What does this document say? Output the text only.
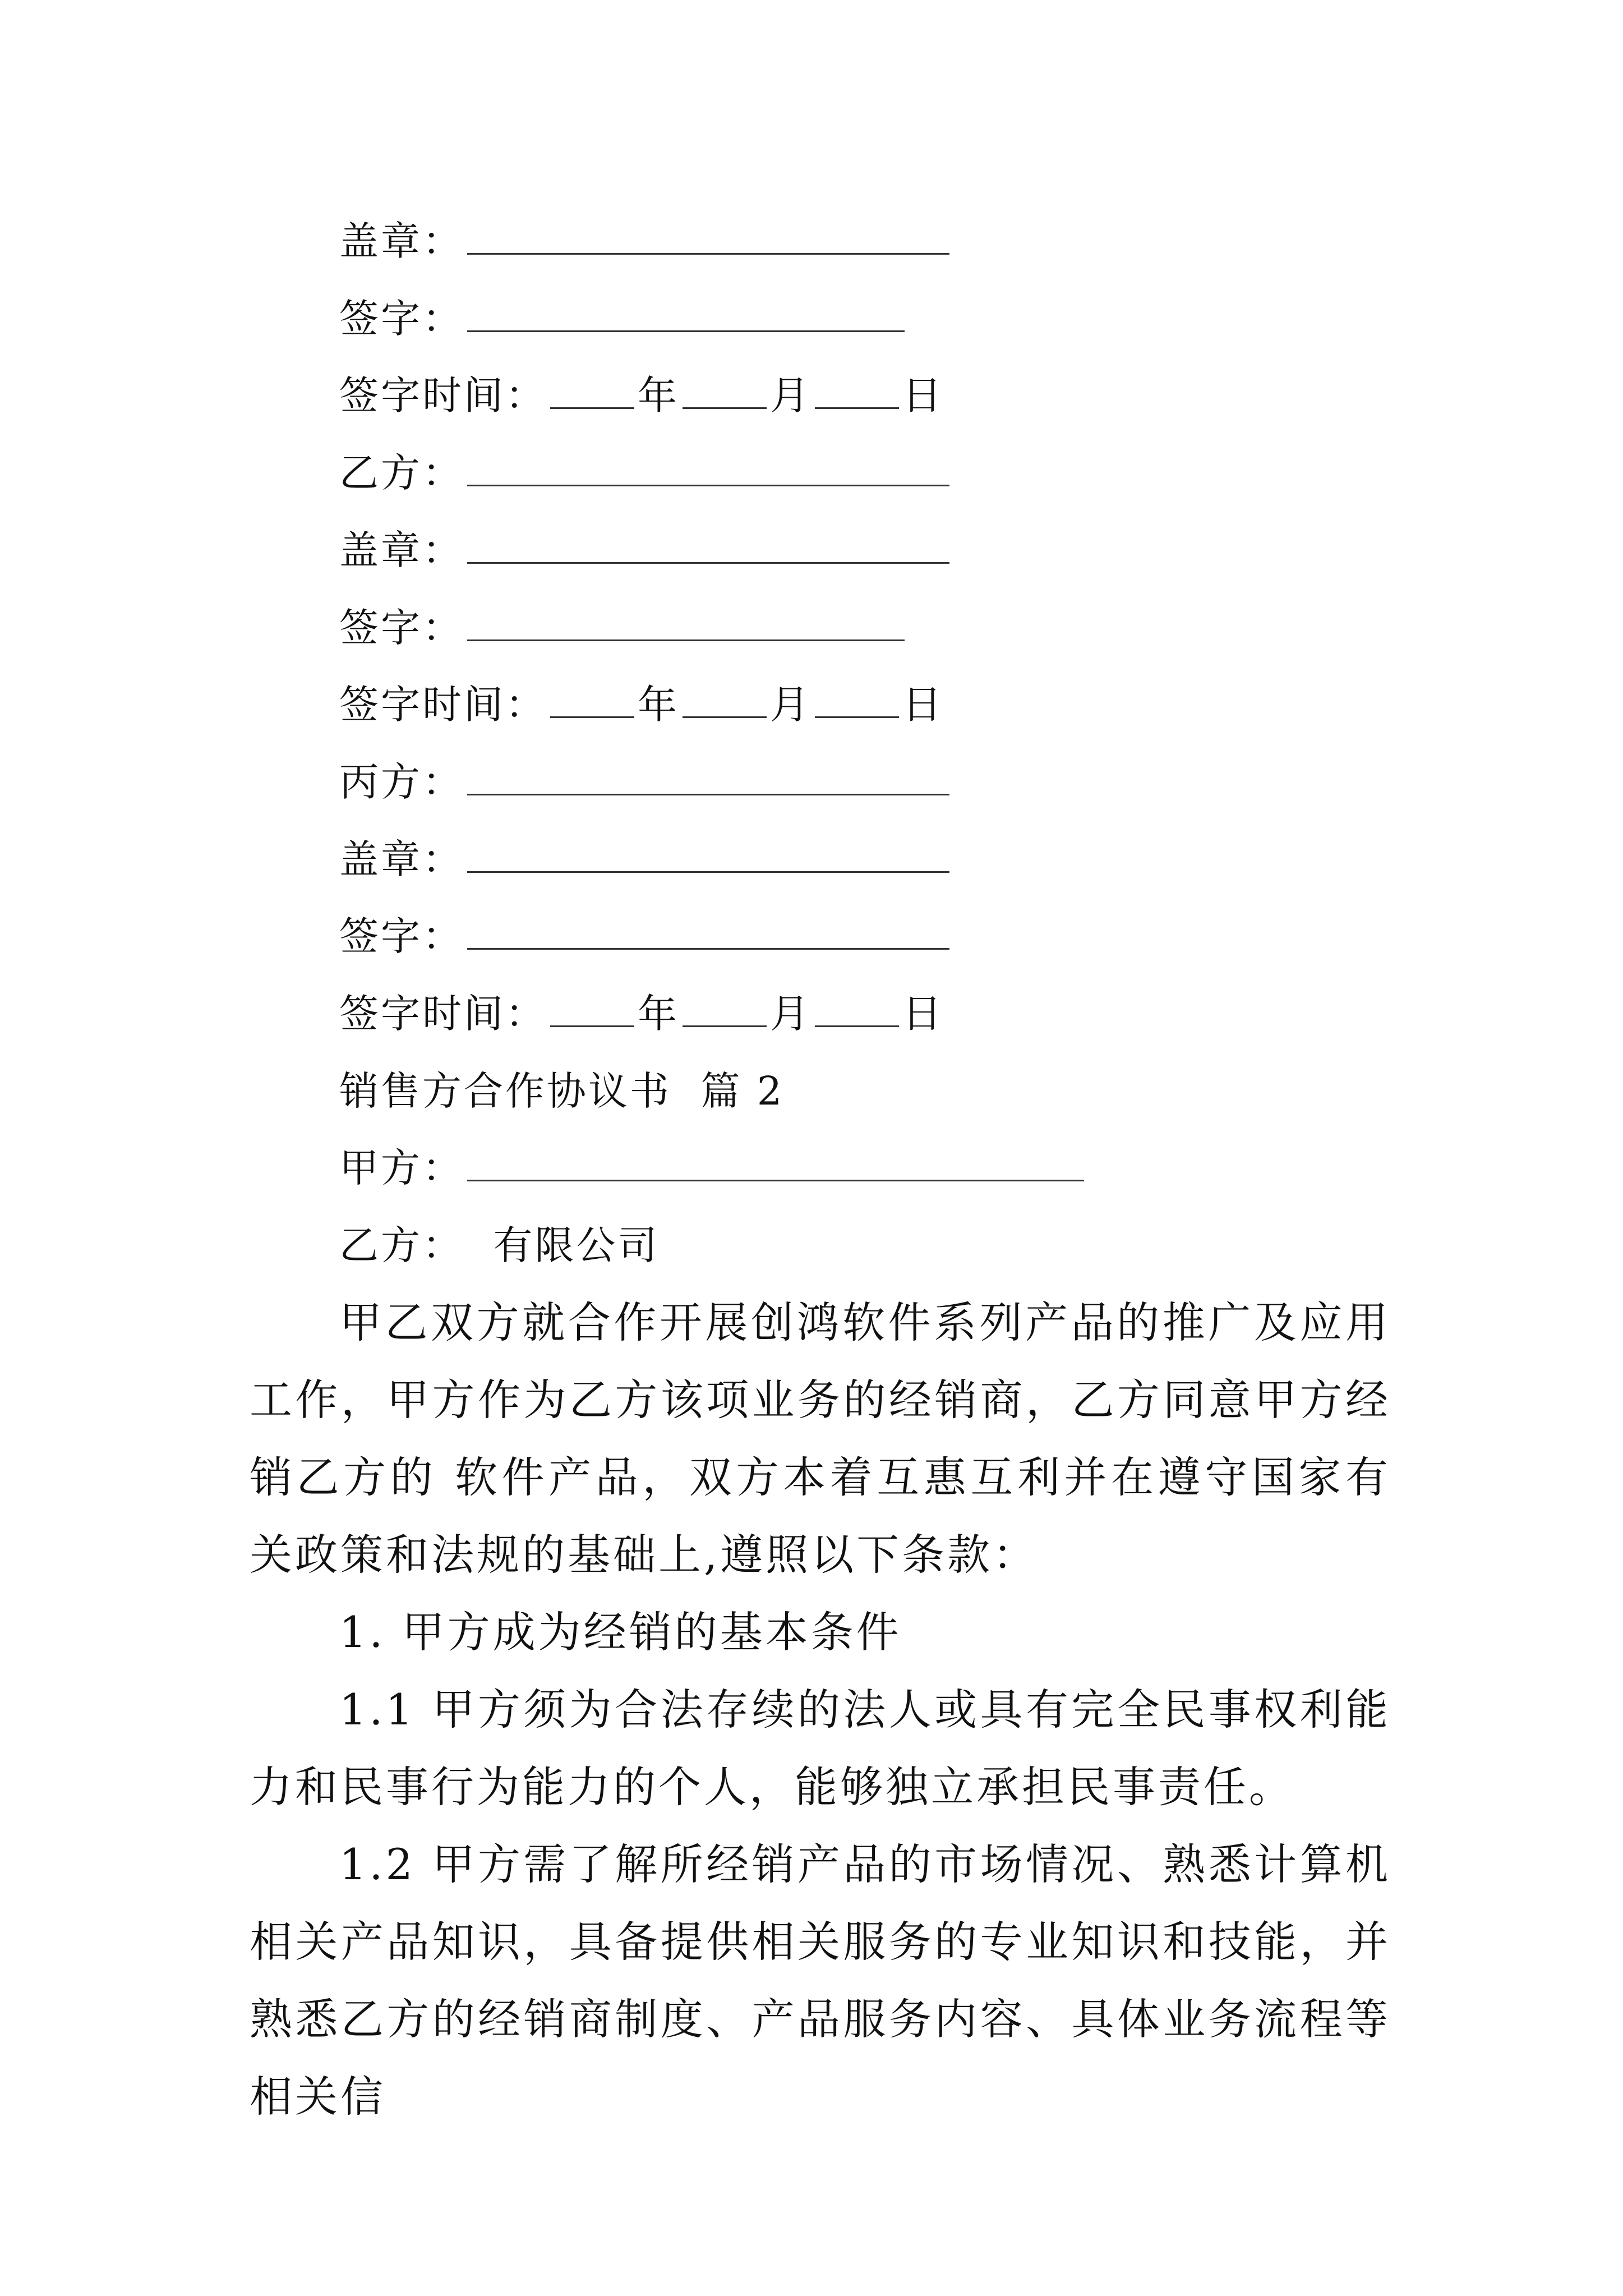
盖章：
签字：
签字时间： 年 月 日
乙方：
盖章：
签字：
签字时间： 年 月 日
丙方：
盖章：
签字：
签字时间： 年 月 日
销售方合作协议书  篇 2
甲方：
乙方：  有限公司
甲乙双方就合作开展创鸿软件系列产品的推广及应用工作，甲方作为乙方该项业务的经销商，乙方同意甲方经销乙方的 软件产品，双方本着互惠互利并在遵守国家有关政策和法规的基础上,遵照以下条款：
1. 甲方成为经销的基本条件
1.1 甲方须为合法存续的法人或具有完全民事权利能力和民事行为能力的个人，能够独立承担民事责任。
1.2 甲方需了解所经销产品的市场情况、熟悉计算机相关产品知识，具备提供相关服务的专业知识和技能，并熟悉乙方的经销商制度、产品服务内容、具体业务流程等相关信
